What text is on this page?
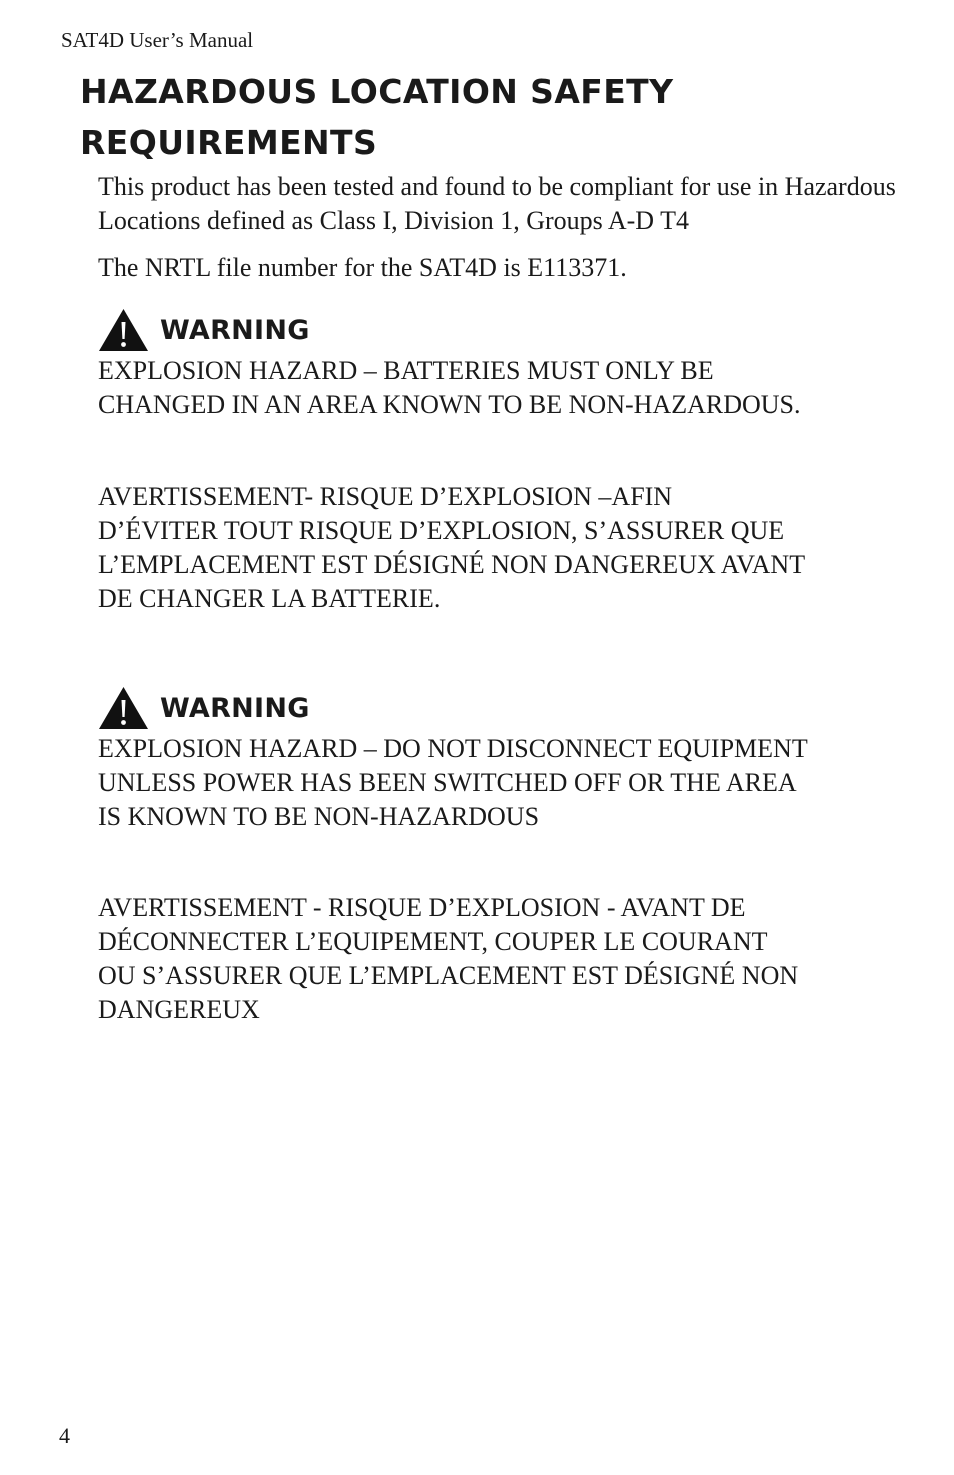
SAT4D User’s Manual
HAZARDOUS LOCATION SAFETY REQUIREMENTS

This product has been tested and found to be compliant for use in Hazardous Locations defined as Class I, Division 1, Groups A-D T4

The NRTL file number for the SAT4D is E113371.

WARNING

EXPLOSION HAZARD – BATTERIES MUST ONLY BE
CHANGED IN AN AREA KNOWN TO BE NON-HAZARDOUS.

AVERTISSEMENT- RISQUE D’EXPLOSION –AFIN
D’ÉVITER TOUT RISQUE D’EXPLOSION, S’ASSURER QUE
L’EMPLACEMENT EST DÉSIGNÉ NON DANGEREUX AVANT
DE CHANGER LA BATTERIE.

WARNING

EXPLOSION HAZARD – DO NOT DISCONNECT EQUIPMENT
UNLESS POWER HAS BEEN SWITCHED OFF OR THE AREA
IS KNOWN TO BE NON-HAZARDOUS

AVERTISSEMENT - RISQUE D’EXPLOSION - AVANT DE
DÉCONNECTER L’EQUIPEMENT, COUPER LE COURANT
OU S’ASSURER QUE L’EMPLACEMENT EST DÉSIGNÉ NON
DANGEREUX

4
